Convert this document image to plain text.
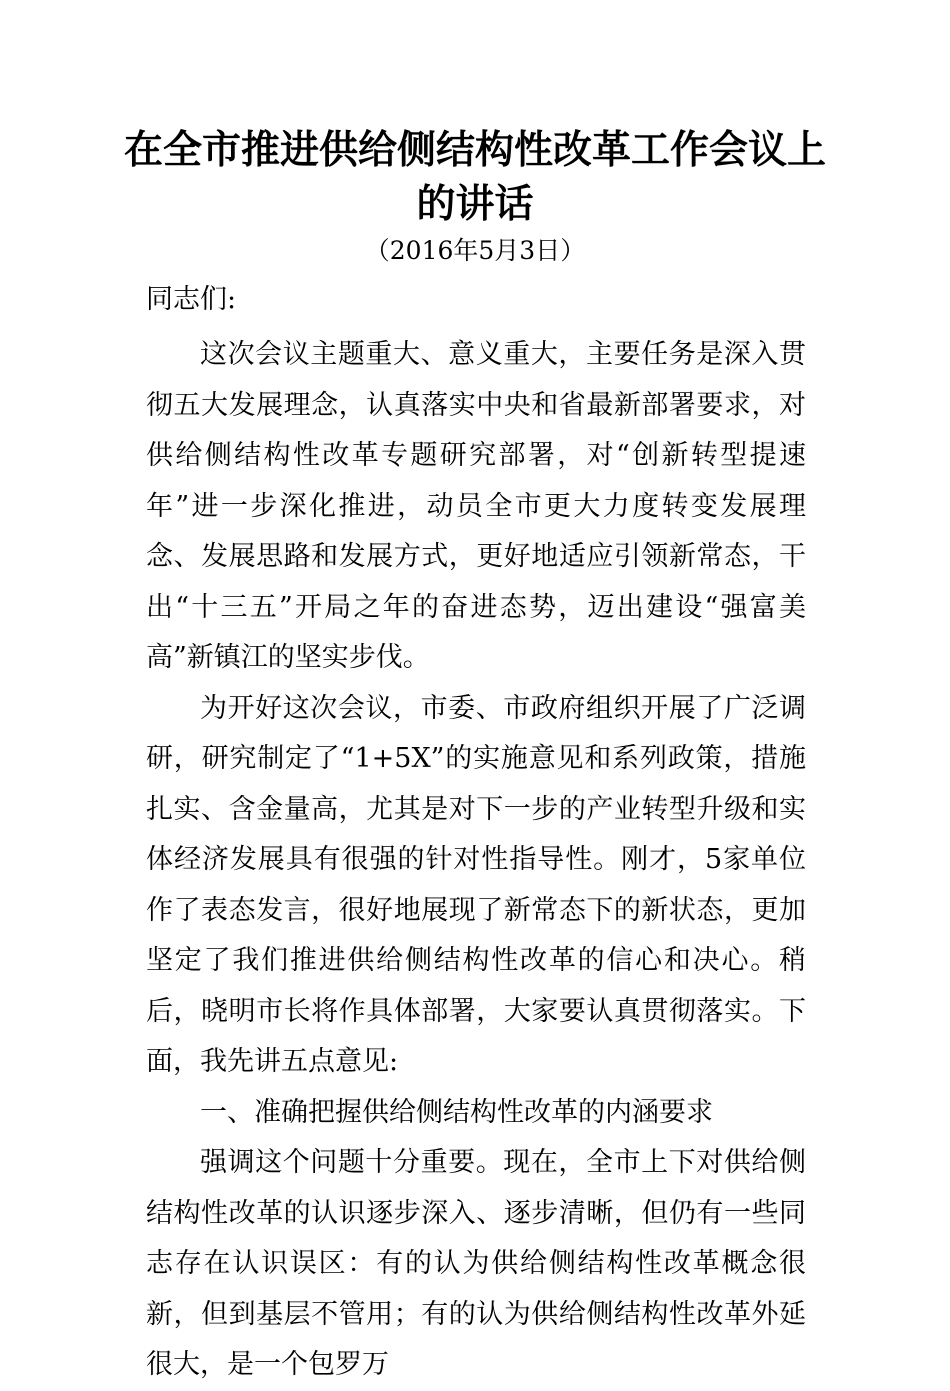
在全市推进供给侧结构性改革工作会议上
的讲话

（2016年5月3日）

同志们:

这次会议主题重大、意义重大，主要任务是深入贯彻五大发展理念，认真落实中央和省最新部署要求，对供给侧结构性改革专题研究部署，对“创新转型提速年”进一步深化推进，动员全市更大力度转变发展理念、发展思路和发展方式，更好地适应引领新常态，干出“十三五”开局之年的奋进态势，迈出建设“强富美高”新镇江的坚实步伐。

为开好这次会议，市委、市政府组织开展了广泛调研，研究制定了“1+5X”的实施意见和系列政策，措施扎实、含金量高，尤其是对下一步的产业转型升级和实体经济发展具有很强的针对性指导性。刚才，5家单位作了表态发言，很好地展现了新常态下的新状态，更加坚定了我们推进供给侧结构性改革的信心和决心。稍后，晓明市长将作具体部署，大家要认真贯彻落实。下面，我先讲五点意见:

一、准确把握供给侧结构性改革的内涵要求

强调这个问题十分重要。现在，全市上下对供给侧结构性改革的认识逐步深入、逐步清晰，但仍有一些同志存在认识误区：有的认为供给侧结构性改革概念很新，但到基层不管用；有的认为供给侧结构性改革外延很大，是一个包罗万
